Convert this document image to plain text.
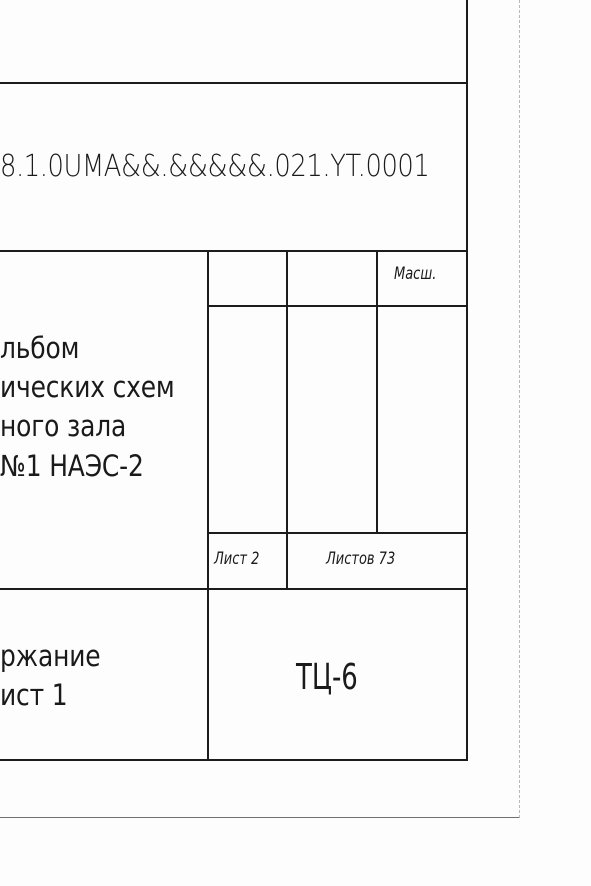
8.1.0UMA&&.&&&&&.021.YT.0001
льбом
ических схем
ного зала
№1 НАЭС-2
Масш.
Лист 2	Листов 73
ржание
ист 1	ТЦ-6
